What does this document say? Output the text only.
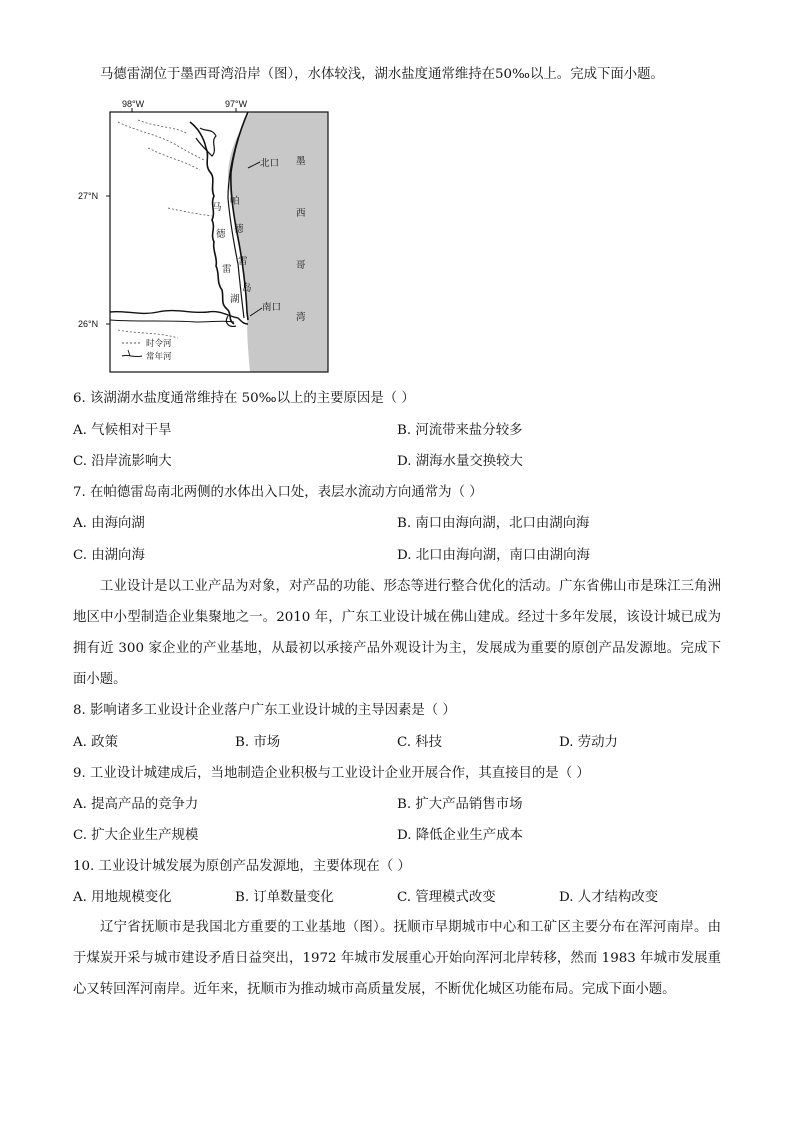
马德雷湖位于墨西哥湾沿岸（图），水体较浅，湖水盐度通常维持在50‰以上。完成下面小题。
98°W	97°W
27°N
26°N
北口
南口
帕
德
雷
岛
马
德
雷
湖
墨
西
哥
湾
时令河
常年河
6. 该湖湖水盐度通常维持在 50‰以上的主要原因是（ ）
A. 气候相对干旱	B. 河流带来盐分较多
C. 沿岸流影响大	D. 湖海水量交换较大
7. 在帕德雷岛南北两侧的水体出入口处，表层水流动方向通常为（ ）
A. 由海向湖	B. 南口由海向湖，北口由湖向海
C. 由湖向海	D. 北口由海向湖，南口由湖向海
工业设计是以工业产品为对象，对产品的功能、形态等进行整合优化的活动。广东省佛山市是珠江三角洲地区中小型制造企业集聚地之一。2010 年，广东工业设计城在佛山建成。经过十多年发展，该设计城已成为拥有近 300 家企业的产业基地，从最初以承接产品外观设计为主，发展成为重要的原创产品发源地。完成下面小题。
8. 影响诸多工业设计企业落户广东工业设计城的主导因素是（ ）
A. 政策	B. 市场	C. 科技	D. 劳动力
9. 工业设计城建成后，当地制造企业积极与工业设计企业开展合作，其直接目的是（ ）
A. 提高产品的竞争力	B. 扩大产品销售市场
C. 扩大企业生产规模	D. 降低企业生产成本
10. 工业设计城发展为原创产品发源地，主要体现在（ ）
A. 用地规模变化	B. 订单数量变化	C. 管理模式改变	D. 人才结构改变
辽宁省抚顺市是我国北方重要的工业基地（图）。抚顺市早期城市中心和工矿区主要分布在浑河南岸。由于煤炭开采与城市建设矛盾日益突出，1972 年城市发展重心开始向浑河北岸转移，然而 1983 年城市发展重心又转回浑河南岸。近年来，抚顺市为推动城市高质量发展，不断优化城区功能布局。完成下面小题。
